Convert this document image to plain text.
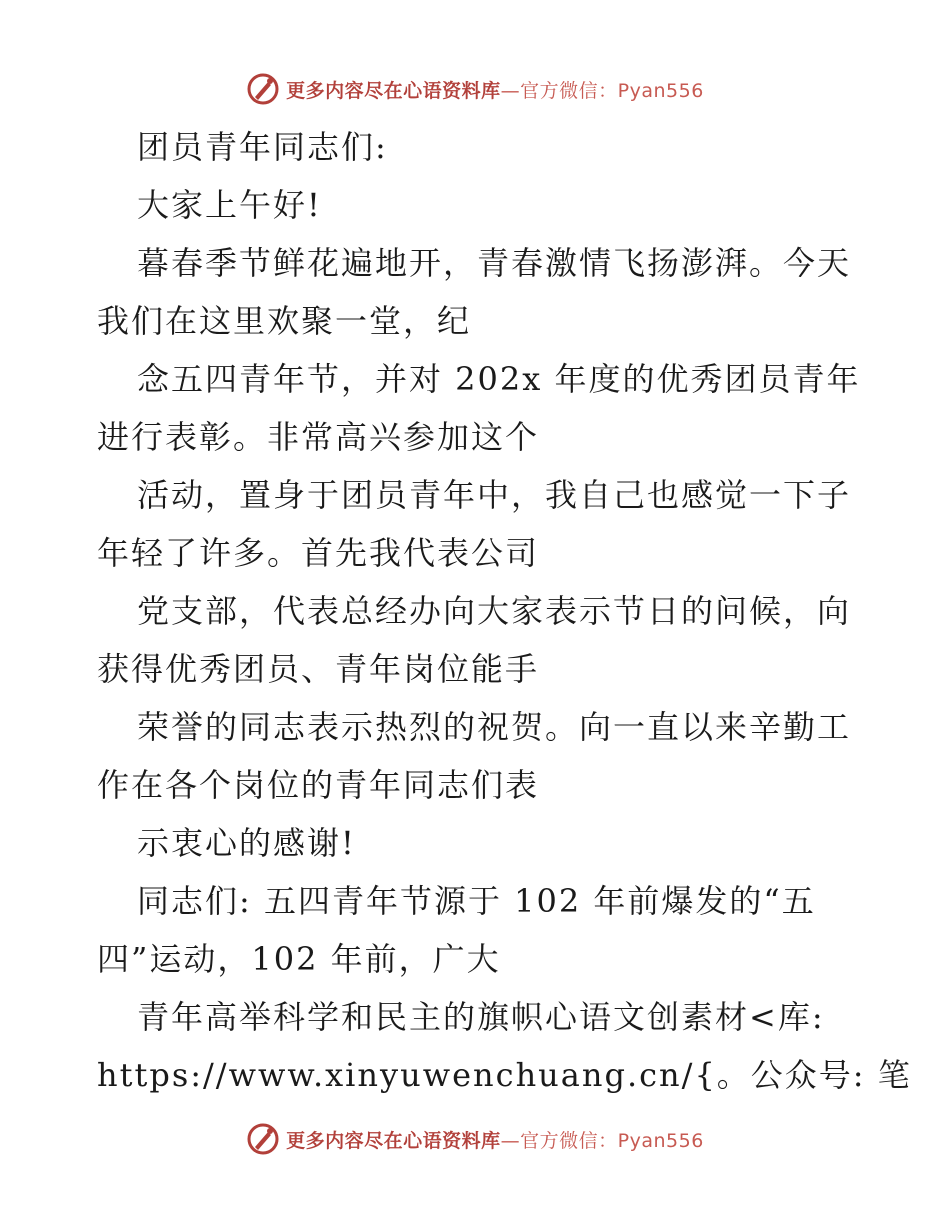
更多内容尽在心语资料库—官方微信：Pyan556
团员青年同志们:
大家上午好!
暮春季节鲜花遍地开，青春激情飞扬澎湃。今天
我们在这里欢聚一堂，纪
念五四青年节，并对 202x 年度的优秀团员青年
进行表彰。非常高兴参加这个
活动，置身于团员青年中，我自己也感觉一下子
年轻了许多。首先我代表公司
党支部，代表总经办向大家表示节日的问候，向
获得优秀团员、青年岗位能手
荣誉的同志表示热烈的祝贺。向一直以来辛勤工
作在各个岗位的青年同志们表
示衷心的感谢!
同志们: 五四青年节源于 102 年前爆发的“五
四”运动，102 年前，广大
青年高举科学和民主的旗帜心语文创素材<库:
https://www.xinyuwenchuang.cn/{。公众号: 笔
更多内容尽在心语资料库—官方微信：Pyan556
